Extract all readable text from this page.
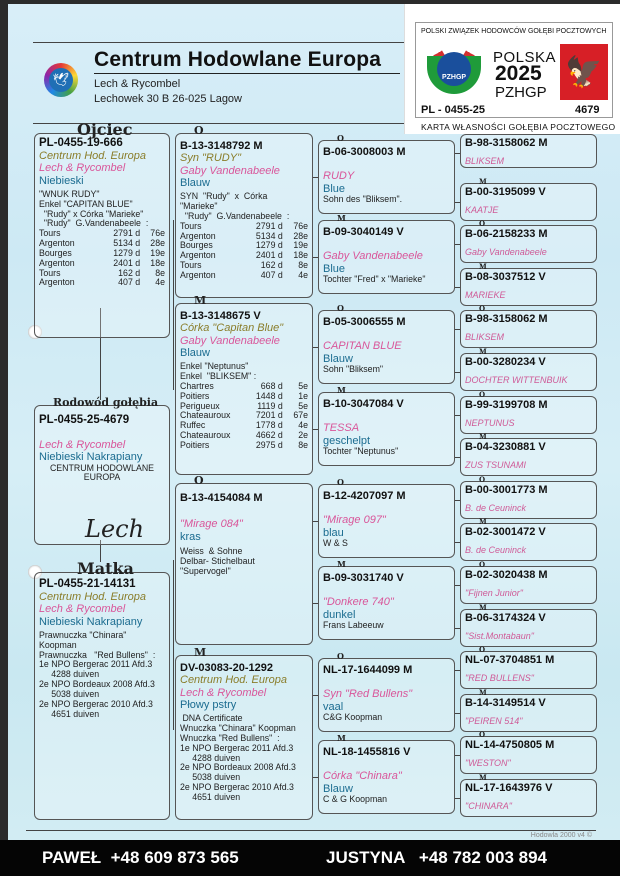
🕊
Centrum Hodowlane Europa
Lech & Rycombel
Lechowek 30 B 26-025 Lagow
POLSKI ZWIĄZEK HODOWCÓW GOŁĘBI POCZTOWYCH
PZHGP
POLSKA
2025
PZHGP
🦅
PL - 0455-25	4679
KARTA WŁASNOŚCI GOŁĘBIA POCZTOWEGO
Ojciec
PL-0455-19-666
Centrum Hod. Europa
Lech & Rycombel
Niebieski
"WNUK RUDY"
Enkel "CAPITAN BLUE"
"Rudy" x Córka "Marieke"
"Rudy"  G.Vandenabeele  :
Tours	2791 d	76e
Argenton	5134 d	28e
Bourges	1279 d	19e
Argenton	2401 d	18e
Tours	162 d	8e
Argenton	407 d	4e
Rodowód gołębia
PL-0455-25-4679
Lech & Rycombel
Niebieski Nakrapiany
CENTRUM HODOWLANE
EUROPA
Lech
Matka
PL-0455-21-14131
Centrum Hod. Europa
Lech & Rycombel
Niebieski Nakrapiany
Prawnuczka "Chinara"
Koopman
Prawnuczka   "Red Bullens"  :
1e NPO Bergerac 2011 Afd.3
4288 duiven
2e NPO Bordeaux 2008 Afd.3
5038 duiven
2e NPO Bergerac 2010 Afd.3
4651 duiven
O
B-13-3148792 M
Syn "RUDY"
Gaby Vandenabeele
Blauw
SYN  "Rudy"  x  Córka
"Marieke"
"Rudy"  G.Vandenabeele  :
Tours	2791 d	76e
Argenton	5134 d	28e
Bourges	1279 d	19e
Argenton	2401 d	18e
Tours	162 d	8e
Argenton	407 d	4e
M
B-13-3148675 V
Córka "Capitan Blue"
Gaby Vandenabeele
Blauw
Enkel "Neptunus"
Enkel  "BLIKSEM" :
Chartres	668 d	5e
Poitiers	1448 d	1e
Perigueux	1119 d	5e
Chateauroux	7201 d	67e
Ruffec	1778 d	4e
Chateauroux	4662 d	2e
Poitiers	2975 d	8e
O
B-13-4154084 M
"Mirage 084"
kras
Weiss  & Sohne
Delbar- Stichelbaut
"Supervogel"
M
DV-03083-20-1292
Centrum Hod. Europa
Lech & Rycombel
Płowy pstry
DNA Certificate
Wnuczka "Chinara" Koopman
Wnuczka "Red Bullens"  :
1e NPO Bergerac 2011 Afd.3
4288 duiven
2e NPO Bordeaux 2008 Afd.3
5038 duiven
2e NPO Bergerac 2010 Afd.3
4651 duiven
O
B-06-3008003 M
RUDY
Blue
Sohn des "Bliksem".
M
B-09-3040149 V
Gaby Vandenabeele
Blue
Tochter "Fred" x "Marieke"
O
B-05-3006555 M
CAPITAN BLUE
Blauw
Sohn "Bliksem"
M
B-10-3047084 V
TESSA
geschelpt
Tochter "Neptunus"
O
B-12-4207097 M
"Mirage 097"
blau
W & S
M
B-09-3031740 V
"Donkere 740"
dunkel
Frans Labeeuw
O
NL-17-1644099 M
Syn "Red Bullens"
vaal
C&G Koopman
M
NL-18-1455816 V
Córka "Chinara"
Blauw
C & G Koopman
B-98-3158062 M
BLIKSEM
M
B-00-3195099 V
KAATJE
O
B-06-2158233 M
Gaby Vandenabeele
M
B-08-3037512 V
MARIEKE
O
B-98-3158062 M
BLIKSEM
M
B-00-3280234 V
DOCHTER WITTENBUIK
O
B-99-3199708 M
NEPTUNUS
M
B-04-3230881 V
ZUS TSUNAMI
O
B-00-3001773 M
B. de Ceuninck
M
B-02-3001472 V
B. de Ceuninck
O
B-02-3020438 M
"Fijnen Junior"
M
B-06-3174324 V
"Sist.Montabaun"
O
NL-07-3704851 M
"RED BULLENS"
M
B-14-3149514 V
"PEIREN 514"
O
NL-14-4750805 M
"WESTON"
M
NL-17-1643976 V
"CHINARA"
Hodowla 2000 v4 ©
PAWEŁ  +48 609 873 565	JUSTYNA   +48 782 003 894
